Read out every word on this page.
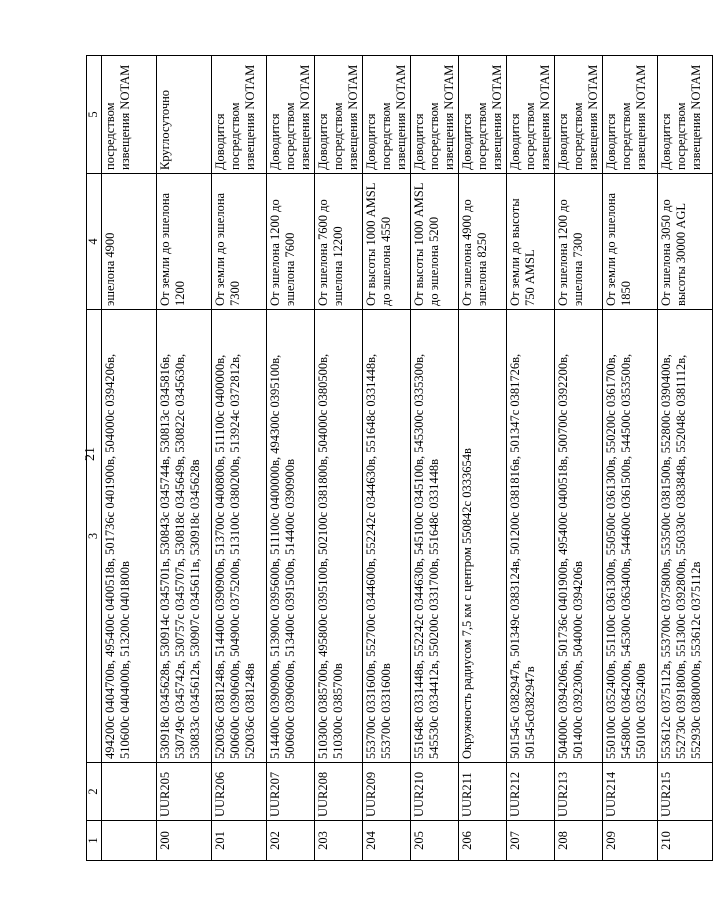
21
1	2	3	4	5
		494200с 0404700в, 495400с 0400518в, 501736с 0401900в, 504000с 0394206в, 510600с 0404000в, 513200с 0401800в	эшелона 4900	посредством извещения NOTAM
200	UUR205	530918с 0345628в, 530914с 0345701в, 530843с 0345744в, 530813с 0345816в, 530749с 0345742в, 530757с 0345707в, 530818с 0345649в, 530822с 0345630в, 530833с 0345612в, 530907с 0345611в, 530918с 0345628в	От земли до эшелона 1200	Круглосуточно
201	UUR206	520036с 0381248в, 514400с 0390900в, 513700с 0400800в, 511100с 0400000в, 500600с 0390600в, 504900с 0375200в, 513100с 0380200в, 513924с 0372812в, 520036с 0381248в	От земли до эшелона 7300	Доводится посредством извещения NOTAM
202	UUR207	514400с 0390900в, 513900с 0395600в, 511100с 0400000в, 494300с 0395100в, 500600с 0390600в, 513400с 0391500в, 514400с 0390900в	От эшелона 1200 до эшелона 7600	Доводится посредством извещения NOTAM
203	UUR208	510300с 0385700в, 495800с 0395100в, 502100с 0381800в, 504000с 0380500в, 510300с 0385700в	От эшелона 7600 до эшелона 12200	Доводится посредством извещения NOTAM
204	UUR209	553700с 0331600в, 552700с 0344600в, 552242с 0344630в, 551648с 0331448в, 553700с 0331600в	От высоты 1000 AMSL до эшелона 4550	Доводится посредством извещения NOTAM
205	UUR210	551648с 0331448в, 552242с 0344630в, 545100с 0345100в, 545300с 0335300в, 545530с 0334412в, 550200с 0331700в, 551648с 0331448в	От высоты 1000 AMSL до эшелона 5200	Доводится посредством извещения NOTAM
206	UUR211	Окружность радиусом 7,5 км с центром 550842с 0333654в	От эшелона 4900 до эшелона 8250	Доводится посредством извещения NOTAM
207	UUR212	501545с 0382947в, 501349с 0383124в, 501200с 0381816в, 501347с 0381726в, 501545с0382947в	От земли до высоты 750 AMSL	Доводится посредством извещения NOTAM
208	UUR213	504000с 0394206в, 501736с 0401900в, 495400с 0400518в, 500700с 0392200в, 501400с 0392300в, 504000с 0394206в	От эшелона 1200 до эшелона 7300	Доводится посредством извещения NOTAM
209	UUR214	550100с 0352400в, 551100с 0361300в, 550500с 0361300в, 550200с 0361700в, 545800с 0364200в, 545300с 0363400в, 544600с 0361500в, 544500с 0353500в, 550100с 0352400в	От земли до эшелона 1850	Доводится посредством извещения NOTAM
210	UUR215	553612с 0375112в, 553700с 0375800в, 553500с 0381500в, 552800с 0390400в, 552730с 0391800в, 551300с 0392800в, 550330с 0383848в, 552048с 0381112в, 552930с 0380000в, 553612с 0375112в	От эшелона 3050 до высоты 30000 AGL	Доводится посредством извещения NOTAM
